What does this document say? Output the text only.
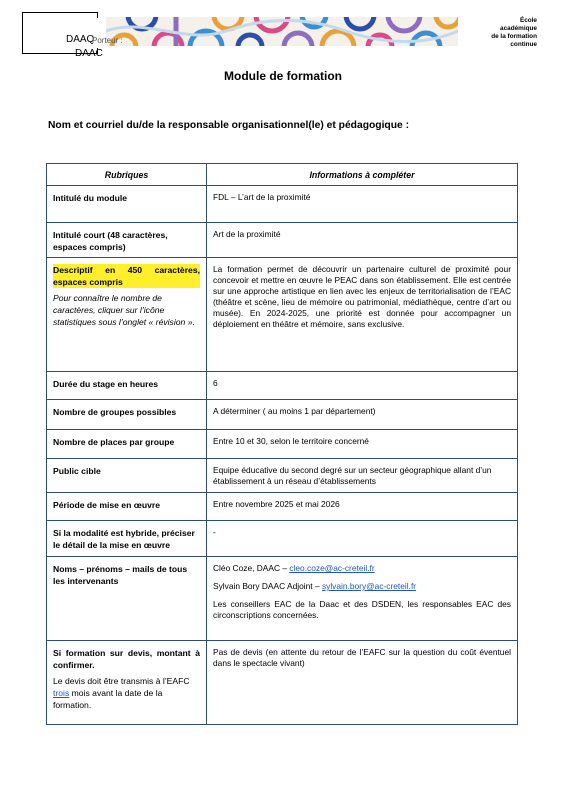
DAAQ
Porteur :
DAAC
École
académique
de la formation
continue
Module de formation
Nom et courriel du/de la responsable organisationnel(le) et pédagogique :
Rubriques	Informations à compléter
Intitulé du module	FDL – L’art de la proximité
Intitulé court (48 caractères, espaces compris)	Art de la proximité

Descriptif en 450 caractères, espaces compris
Pour connaître le nombre de caractères, cliquer sur l’icône statistiques sous l’onglet « révision ».	La formation permet de découvrir un partenaire culturel de proximité pour concevoir et mettre en œuvre le PEAC dans son établissement. Elle est centrée sur une approche artistique en lien avec les enjeux de territorialisation de l’EAC (théâtre et scène, lieu de mémoire ou patrimonial, médiathèque, centre d’art ou musée). En 2024-2025, une priorité est donnée pour accompagner un déploiement en théâtre et mémoire, sans exclusive.
Durée du stage en heures	6
Nombre de groupes possibles	A déterminer ( au moins 1 par département)
Nombre de places par groupe	Entre 10 et 30, selon le territoire concerné
Public cible	Equipe éducative du second degré sur un secteur géographique allant d’un établissement à un réseau d’établissements
Période de mise en œuvre	Entre novembre 2025 et mai 2026
Si la modalité est hybride, préciser le détail de la mise en œuvre	-
Noms – prénoms – mails de tous les intervenants	Cléo Coze, DAAC – cleo.coze@ac-creteil.fr
Sylvain Bory DAAC Adjoint – sylvain.bory@ac-creteil.fr
Les conseillers EAC de la Daac et des DSDEN, les responsables EAC des circonscriptions concernées.

Si formation sur devis, montant à confirmer.
Le devis doit être transmis à l’EAFC trois mois avant la date de la formation.	Pas de devis (en attente du retour de l’EAFC sur la question du coût éventuel dans le spectacle vivant)
